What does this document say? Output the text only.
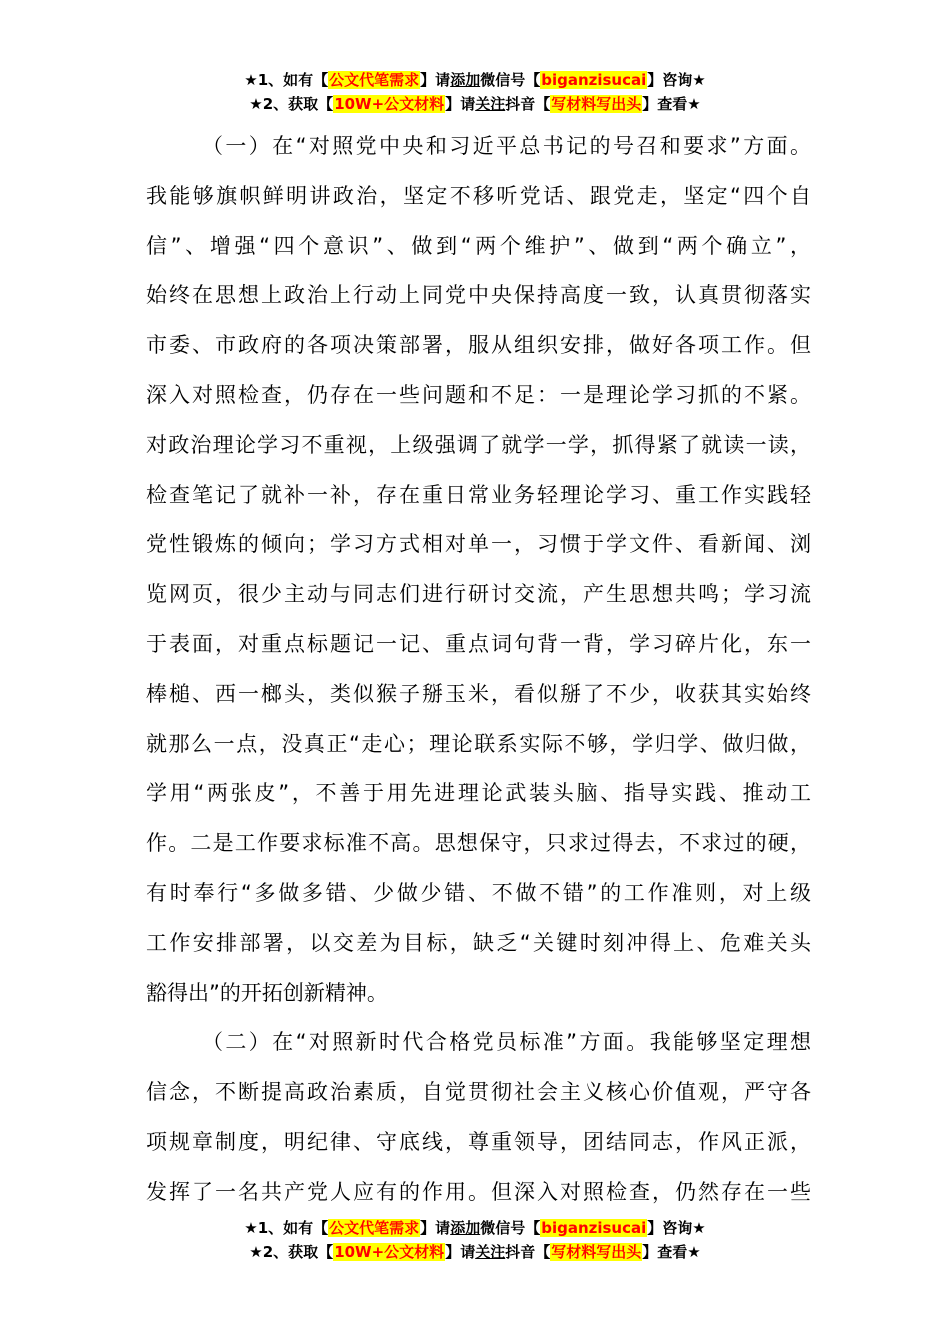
★1、如有【公文代笔需求】请添加微信号【biganzisucai】咨询★
★2、获取【10W+公文材料】请关注抖音【写材料写出头】查看★
（一）在“对照党中央和习近平总书记的号召和要求”方面。
我能够旗帜鲜明讲政治，坚定不移听党话、跟党走，坚定“四个自
信”、增强“四个意识”、做到“两个维护”、做到“两个确立”，
始终在思想上政治上行动上同党中央保持高度一致，认真贯彻落实
市委、市政府的各项决策部署，服从组织安排，做好各项工作。但
深入对照检查，仍存在一些问题和不足：一是理论学习抓的不紧。
对政治理论学习不重视，上级强调了就学一学，抓得紧了就读一读，
检查笔记了就补一补，存在重日常业务轻理论学习、重工作实践轻
党性锻炼的倾向；学习方式相对单一，习惯于学文件、看新闻、浏
览网页，很少主动与同志们进行研讨交流，产生思想共鸣；学习流
于表面，对重点标题记一记、重点词句背一背，学习碎片化，东一
棒槌、西一榔头，类似猴子掰玉米，看似掰了不少，收获其实始终
就那么一点，没真正“走心；理论联系实际不够，学归学、做归做，
学用“两张皮”，不善于用先进理论武装头脑、指导实践、推动工
作。二是工作要求标准不高。思想保守，只求过得去，不求过的硬，
有时奉行“多做多错、少做少错、不做不错”的工作准则，对上级
工作安排部署，以交差为目标，缺乏“关键时刻冲得上、危难关头
豁得出”的开拓创新精神。
（二）在“对照新时代合格党员标准”方面。我能够坚定理想
信念，不断提高政治素质，自觉贯彻社会主义核心价值观，严守各
项规章制度，明纪律、守底线，尊重领导，团结同志，作风正派，
发挥了一名共产党人应有的作用。但深入对照检查，仍然存在一些
★1、如有【公文代笔需求】请添加微信号【biganzisucai】咨询★
★2、获取【10W+公文材料】请关注抖音【写材料写出头】查看★
